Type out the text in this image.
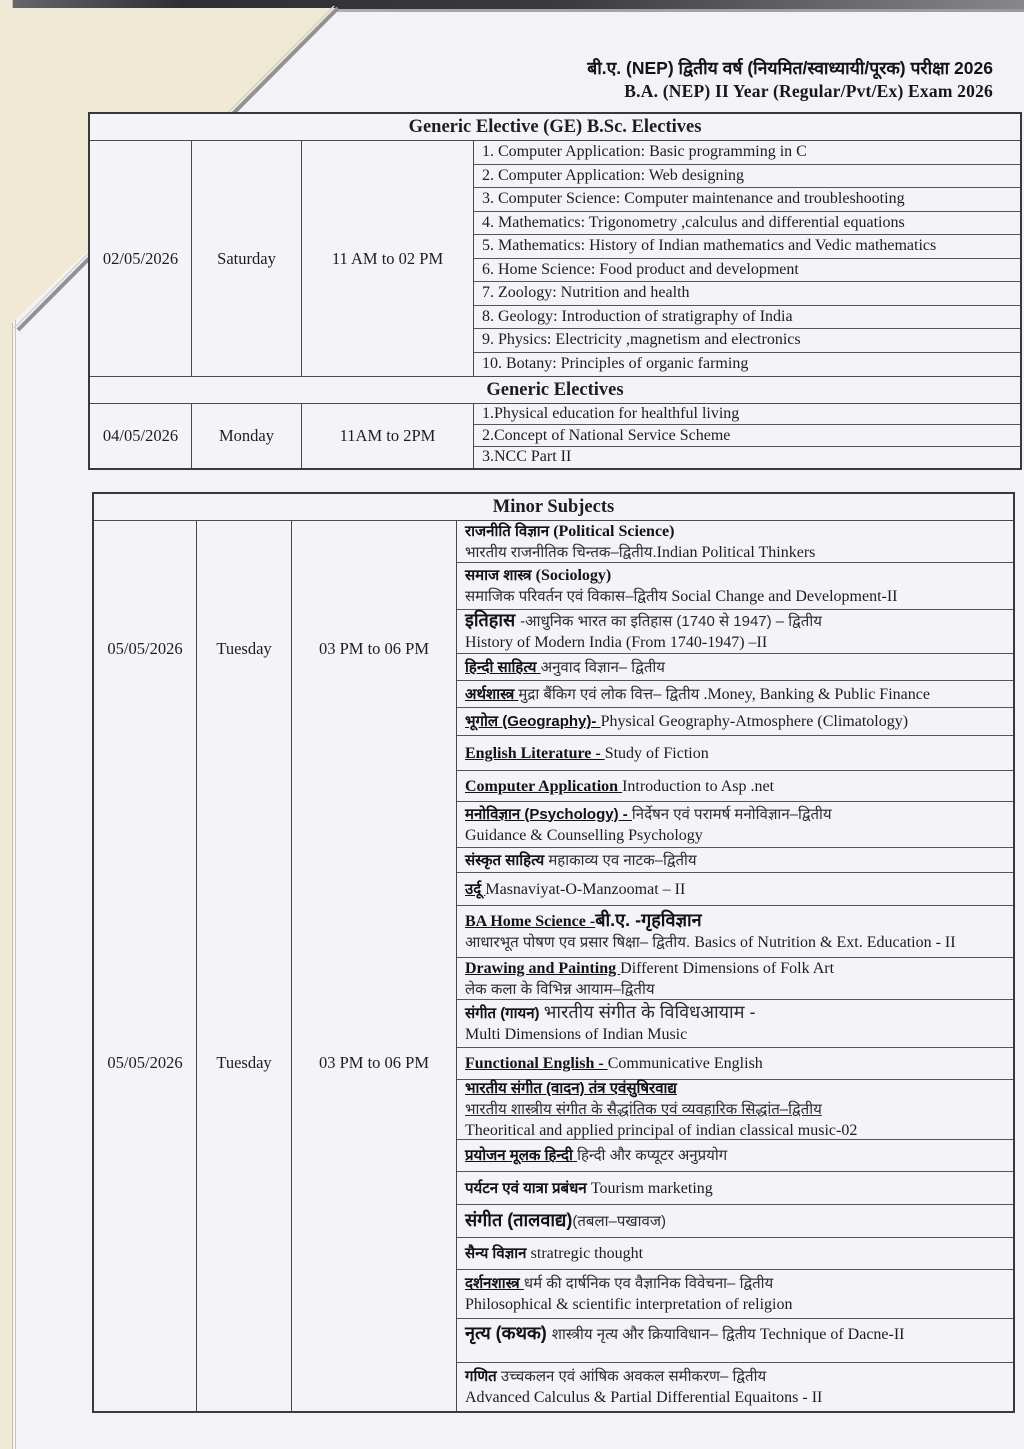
बी.ए. (NEP) द्वितीय वर्ष (नियमित/स्वाध्यायी/पूरक) परीक्षा 2026
B.A. (NEP) II Year (Regular/Pvt/Ex) Exam 2026
Generic Elective (GE) B.Sc. Electives
02/05/2026 Saturday	11 AM to 02 PM
1. Computer Application: Basic programming in C
2. Computer Application: Web designing
3. Computer Science: Computer maintenance and troubleshooting
4. Mathematics: Trigonometry ,calculus and differential equations
5. Mathematics: History of Indian mathematics and Vedic mathematics
6. Home Science: Food product and development
7. Zoology: Nutrition and health
8. Geology: Introduction of stratigraphy of India
9. Physics: Electricity ,magnetism and electronics
10. Botany: Principles of organic farming
Generic Electives
04/05/2026 Monday	11AM to 2PM
1.Physical education for healthful living
2.Concept of National Service Scheme
3.NCC Part II
Minor Subjects
05/05/2026
05/05/2026
Tuesday
Tuesday
03 PM to 06 PM
03 PM to 06 PM
राजनीति विज्ञान (Political Science)
भारतीय राजनीतिक चिन्तक–द्वितीय.Indian Political Thinkers
समाज शास्त्र (Sociology)
समाजिक परिवर्तन एवं विकास–द्वितीय Social Change and Development-II
इतिहास -आधुनिक भारत का इतिहास (1740 से 1947) – द्वितीय
History of Modern India (From 1740-1947) –II
हिन्दी साहित्य अनुवाद विज्ञान– द्वितीय
अर्थशास्त्र मुद्रा बैंकिग एवं लोक वित्त– द्वितीय .Money, Banking & Public Finance
भूगोल (Geography)- Physical Geography-Atmosphere (Climatology)
English Literature - Study of Fiction
Computer Application Introduction to Asp .net
मनोविज्ञान (Psychology) - निर्देषन एवं परामर्ष मनोविज्ञान–द्वितीय
Guidance & Counselling Psychology
संस्कृत साहित्य महाकाव्य एव नाटक–द्वितीय
उर्दू Masnaviyat-O-Manzoomat – II
BA Home Science -बी.ए. -गृहविज्ञान
आधारभूत पोषण एव प्रसार षिक्षा– द्वितीय. Basics of Nutrition & Ext. Education - II
Drawing and Painting Different Dimensions of Folk Art
लेक कला के विभिन्न आयाम–द्वितीय
संगीत (गायन) भारतीय संगीत के विविधआयाम -
Multi Dimensions of Indian Music
Functional English - Communicative English
भारतीय संगीत (वादन) तंत्र एवंसुषिरवाद्य
भारतीय शास्त्रीय संगीत के सैद्धांतिक एवं व्यवहारिक सिद्धांत–द्वितीय
Theoritical and applied principal of indian classical music-02
प्रयोजन मूलक हिन्दी हिन्दी और कप्यूटर अनुप्रयोग
पर्यटन एवं यात्रा प्रबंधन Tourism marketing
संगीत (तालवाद्य)(तबला–पखावज)
सैन्य विज्ञान stratregic thought
दर्शनशास्त्र धर्म की दार्षनिक एव वैज्ञानिक विवेचना– द्वितीय
Philosophical & scientific interpretation of religion
नृत्य (कथक) शास्त्रीय नृत्य और क्रियाविधान– द्वितीय Technique of Dacne-II
गणित उच्चकलन एवं आंषिक अवकल समीकरण– द्वितीय
Advanced Calculus & Partial Differential Equaitons - II
